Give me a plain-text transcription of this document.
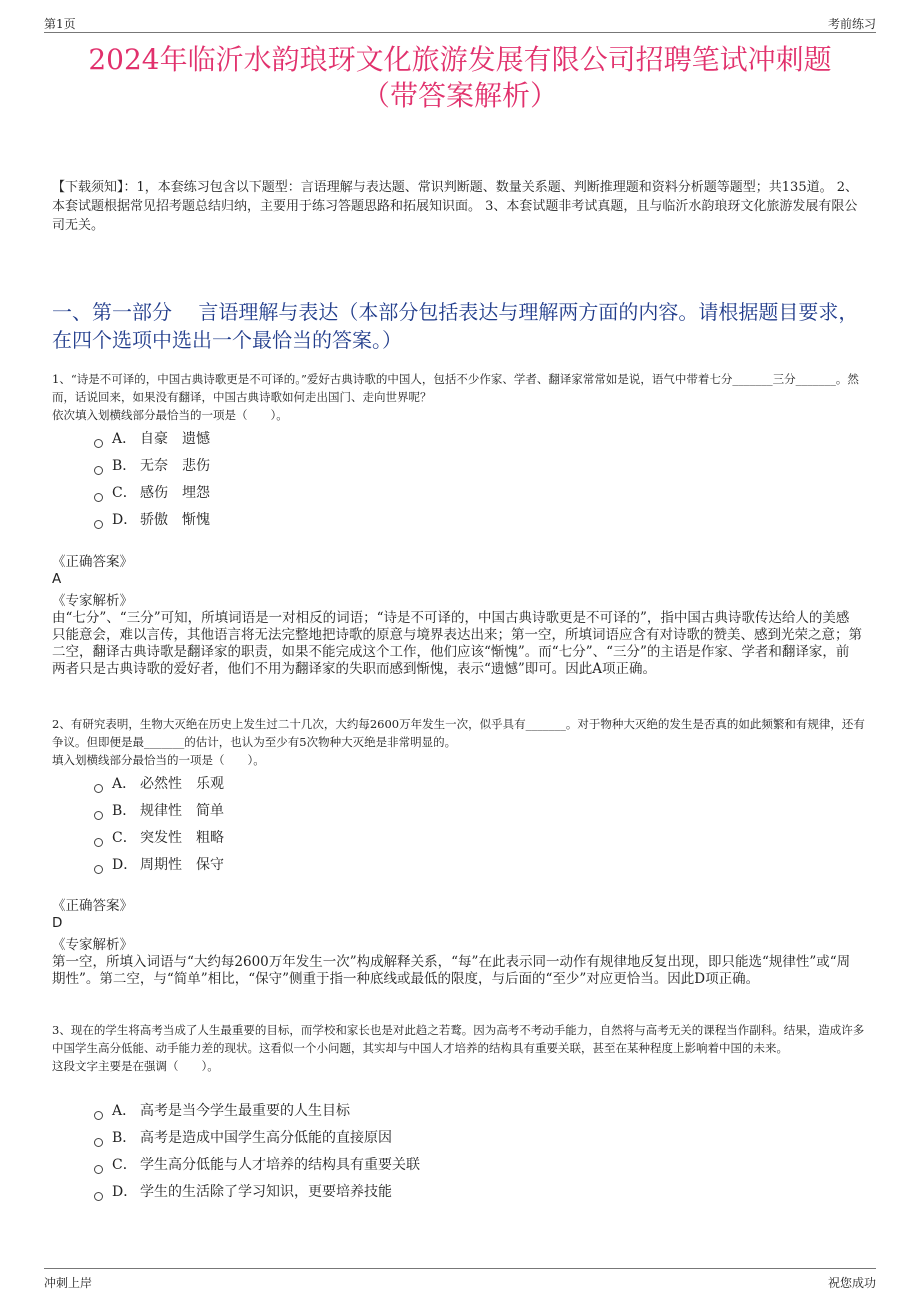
第1页	考前练习
2024年临沂水韵琅玡文化旅游发展有限公司招聘笔试冲刺题
（带答案解析）
【下载须知】：1，本套练习包含以下题型：言语理解与表达题、常识判断题、数量关系题、判断推理题和资料分析题等题型；共135道。 2、本套试题根据常见招考题总结归纳，主要用于练习答题思路和拓展知识面。 3、本套试题非考试真题，且与临沂水韵琅玡文化旅游发展有限公司无关。
一、第一部分　 言语理解与表达（本部分包括表达与理解两方面的内容。请根据题目要求，在四个选项中选出一个最恰当的答案。）
1、“诗是不可译的，中国古典诗歌更是不可译的。”爱好古典诗歌的中国人，包括不少作家、学者、翻译家常常如是说，语气中带着七分_______三分_______。然而，话说回来，如果没有翻译，中国古典诗歌如何走出国门、走向世界呢？
依次填入划横线部分最恰当的一项是（　　）。
A． 自豪　遗憾
B． 无奈　悲伤
C． 感伤　埋怨
D． 骄傲　惭愧
《正确答案》
A
《专家解析》
由“七分”、“三分”可知，所填词语是一对相反的词语；“诗是不可译的，中国古典诗歌更是不可译的”，指中国古典诗歌传达给人的美感只能意会，难以言传，其他语言将无法完整地把诗歌的原意与境界表达出来；第一空，所填词语应含有对诗歌的赞美、感到光荣之意；第二空，翻译古典诗歌是翻译家的职责，如果不能完成这个工作，他们应该“惭愧”。而“七分”、“三分”的主语是作家、学者和翻译家，前两者只是古典诗歌的爱好者，他们不用为翻译家的失职而感到惭愧，表示“遗憾”即可。因此A项正确。
2、有研究表明，生物大灭绝在历史上发生过二十几次，大约每2600万年发生一次，似乎具有_______。对于物种大灭绝的发生是否真的如此频繁和有规律，还有争议。但即便是最_______的估计，也认为至少有5次物种大灭绝是非常明显的。
填入划横线部分最恰当的一项是（　　）。
A． 必然性　乐观
B． 规律性　简单
C． 突发性　粗略
D． 周期性　保守
《正确答案》
D
《专家解析》
第一空，所填入词语与“大约每2600万年发生一次”构成解释关系，“每”在此表示同一动作有规律地反复出现，即只能选“规律性”或“周期性”。第二空，与“简单”相比，“保守”侧重于指一种底线或最低的限度，与后面的“至少”对应更恰当。因此D项正确。
3、现在的学生将高考当成了人生最重要的目标，而学校和家长也是对此趋之若鹜。因为高考不考动手能力，自然将与高考无关的课程当作副科。结果，造成许多中国学生高分低能、动手能力差的现状。这看似一个小问题，其实却与中国人才培养的结构具有重要关联，甚至在某种程度上影响着中国的未来。
这段文字主要是在强调（　　）。
A． 高考是当今学生最重要的人生目标
B． 高考是造成中国学生高分低能的直接原因
C． 学生高分低能与人才培养的结构具有重要关联
D． 学生的生活除了学习知识，更要培养技能
冲刺上岸	祝您成功
